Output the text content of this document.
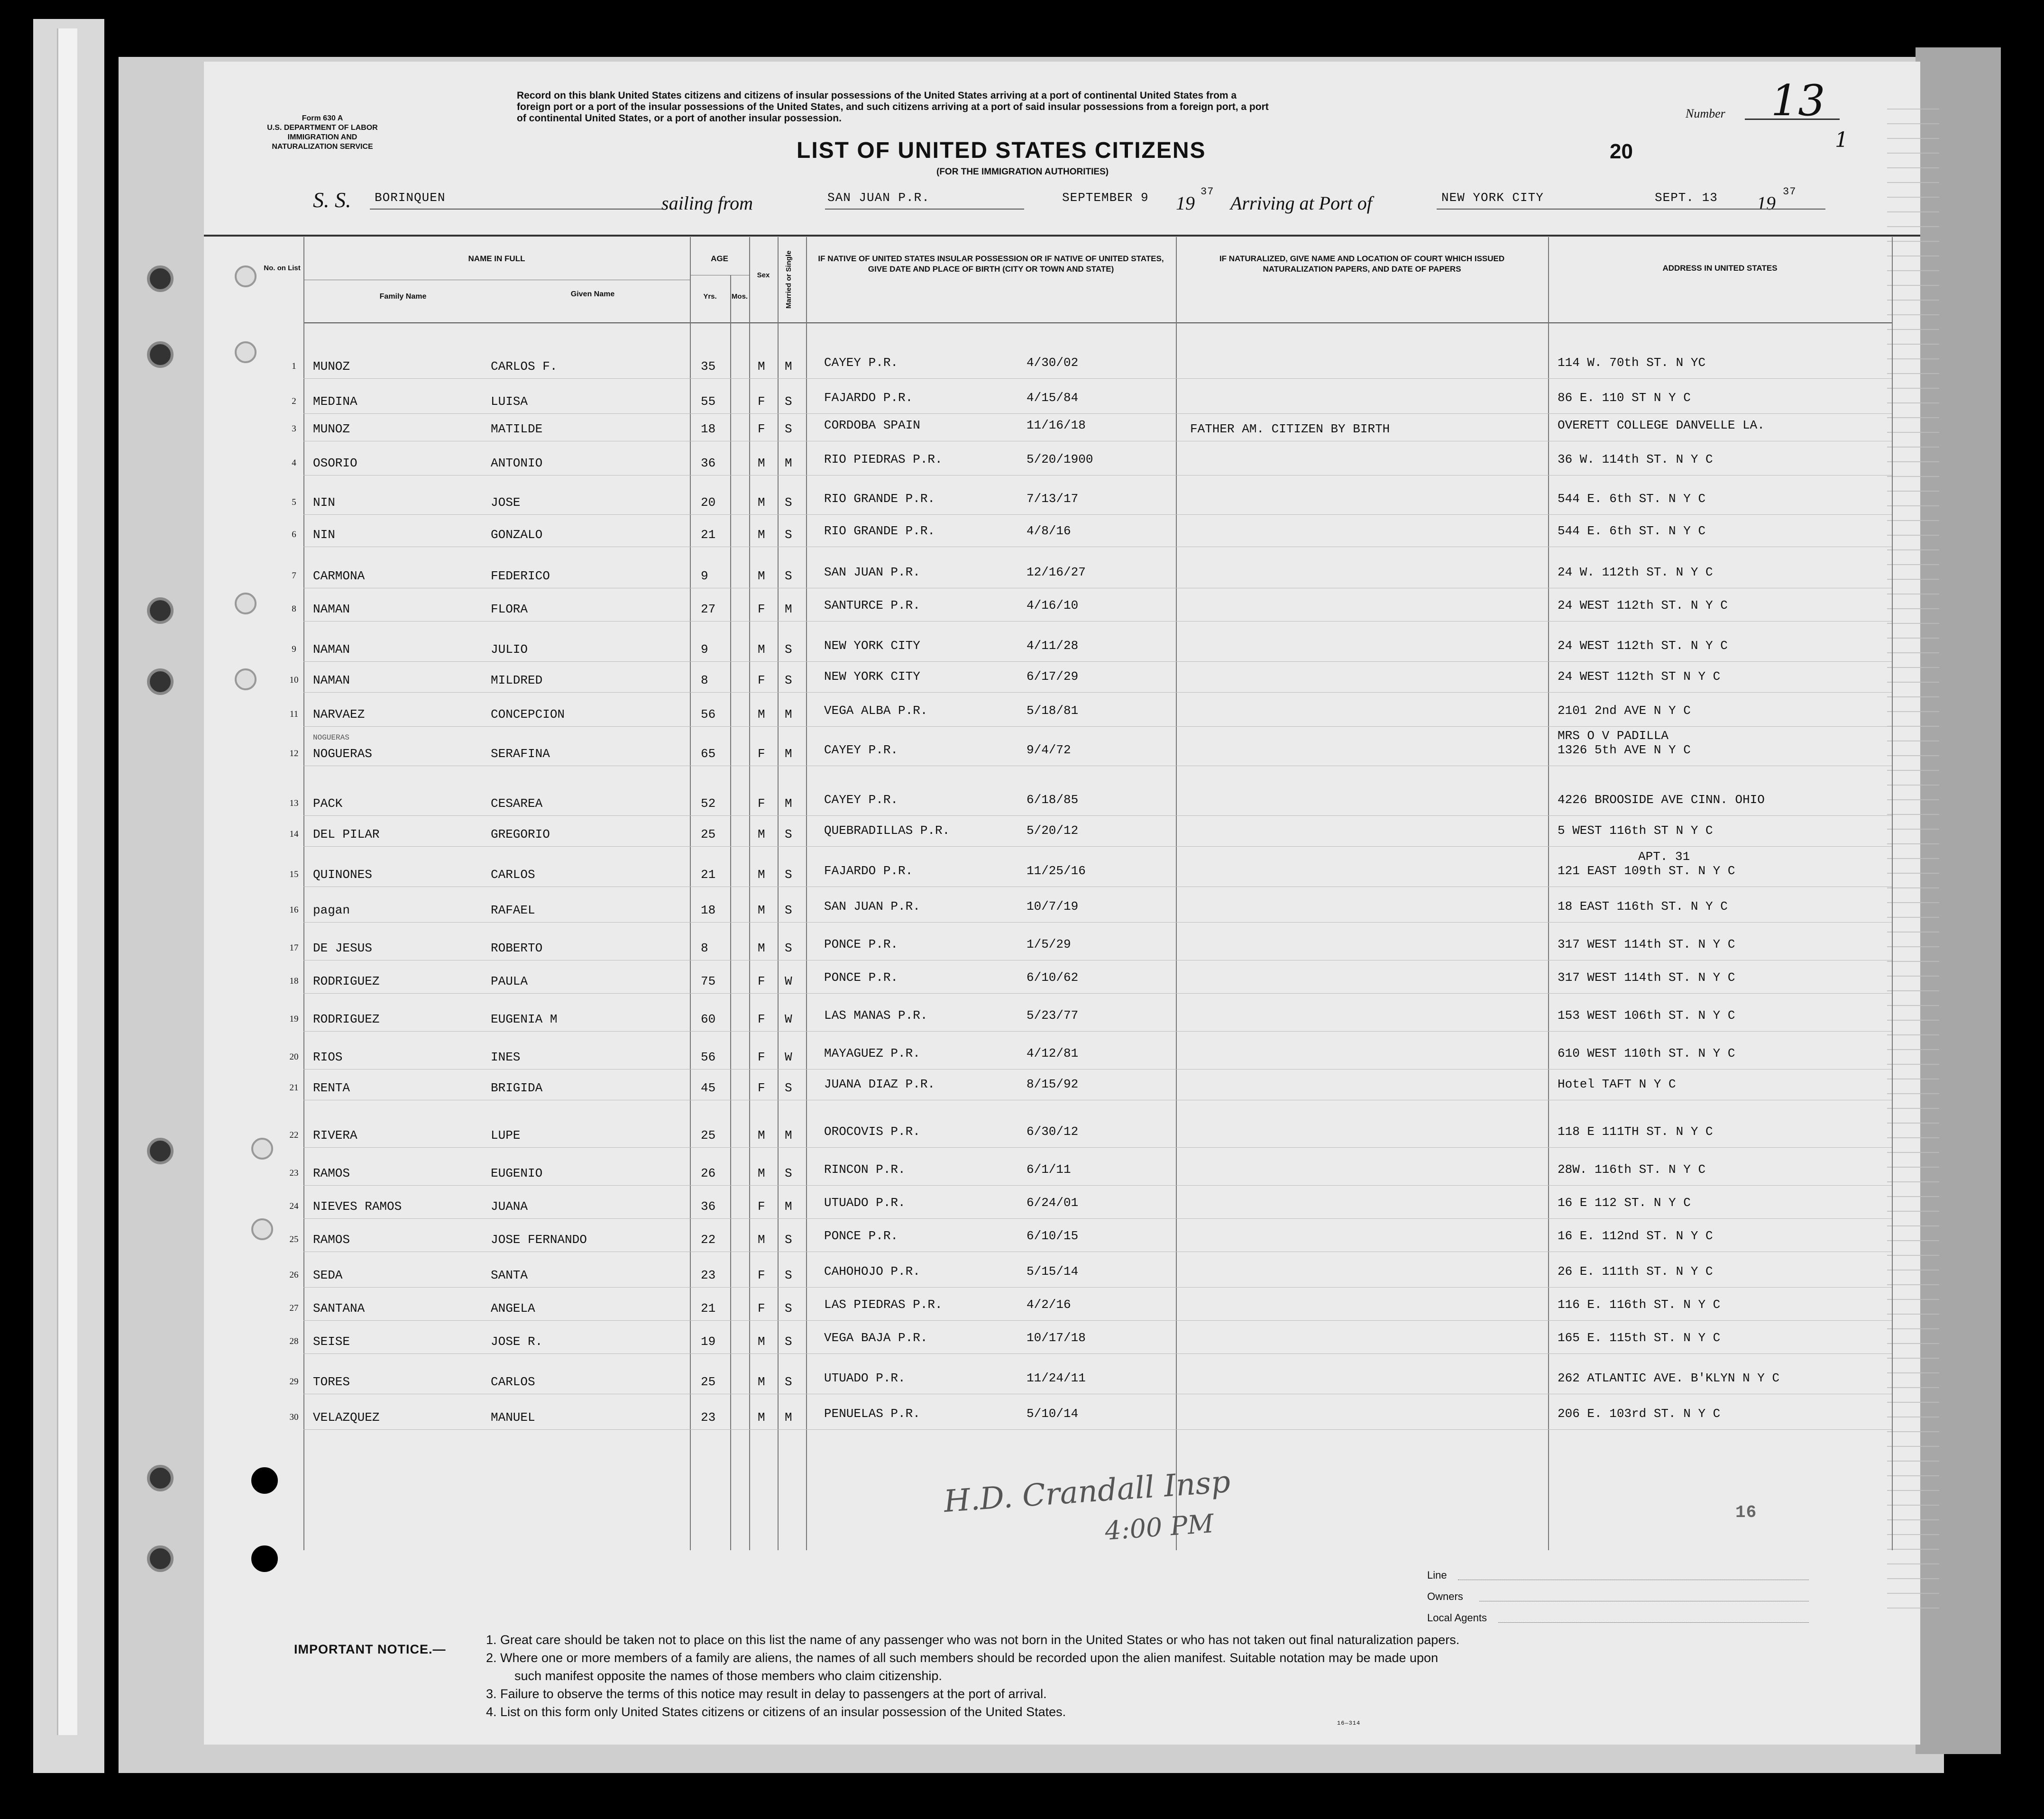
Form 630 A
U.S. DEPARTMENT OF LABOR
IMMIGRATION AND
NATURALIZATION SERVICE
Record on this blank United States citizens and citizens of insular possessions of the United States arriving at a port of continental United States from a
foreign port or a port of the insular possessions of the United States, and such citizens arriving at a port of said insular possessions from a foreign port, a port
of continental United States, or a port of another insular possession.
LIST OF UNITED STATES CITIZENS
(FOR THE IMMIGRATION AUTHORITIES)
Number 13
20	1
S. S. BORINQUEN	sailing from	SAN JUAN P.R.	SEPTEMBER 9 19
37
Arriving at Port of	NEW YORK CITY	SEPT. 13 19
37
No. on List
NAME IN FULL
Family Name	Given Name
AGE
Yrs.	Mos.
Sex	Married or Single	IF NATIVE OF UNITED STATES INSULAR POSSESSION OR IF NATIVE OF UNITED STATES, GIVE DATE AND PLACE OF BIRTH (CITY OR TOWN AND STATE)
IF NATURALIZED, GIVE NAME AND LOCATION OF COURT WHICH ISSUED NATURALIZATION PAPERS, AND DATE OF PAPERS	ADDRESS IN UNITED STATES
1	MUNOZ	CARLOS F.	35	M M	CAYEY P.R.	4/30/02	114 W. 70th ST. N YC
2	MEDINA	LUISA	55	F S	FAJARDO P.R.	4/15/84	86 E. 110 ST N Y C
3	MUNOZ	MATILDE	18	F S	CORDOBA SPAIN	11/16/18	FATHER AM. CITIZEN BY BIRTH	OVERETT COLLEGE DANVELLE LA.
4	OSORIO	ANTONIO	36	M M	RIO PIEDRAS P.R.	5/20/1900	36 W. 114th ST. N Y C
5	NIN	JOSE	20	M S	RIO GRANDE P.R.	7/13/17	544 E. 6th ST. N Y C
6	NIN	GONZALO	21	M S	RIO GRANDE P.R.	4/8/16	544 E. 6th ST. N Y C
7	CARMONA	FEDERICO	9	M S	SAN JUAN P.R.	12/16/27	24 W. 112th ST. N Y C
8	NAMAN	FLORA	27	F M	SANTURCE P.R.	4/16/10	24 WEST 112th ST. N Y C
9	NAMAN	JULIO	9	M S	NEW YORK CITY	4/11/28	24 WEST 112th ST. N Y C
10	NAMAN	MILDRED	8	F S	NEW YORK CITY	6/17/29	24 WEST 112th ST N Y C
11	NARVAEZ	CONCEPCION	56	M M	VEGA ALBA P.R.	5/18/81	2101 2nd AVE N Y C
12	NOGUERAS	SERAFINA	65	F M	CAYEY P.R.	9/4/72	1326 5th AVE N Y C
MRS O V PADILLA
NOGUERAS
13	PACK	CESAREA	52	F M	CAYEY P.R.	6/18/85	4226 BROOSIDE AVE CINN. OHIO
14	DEL PILAR	GREGORIO	25	M S	QUEBRADILLAS P.R.	5/20/12	5 WEST 116th ST N Y C
15	QUINONES	CARLOS	21	M S	FAJARDO P.R.	11/25/16	121 EAST 109th ST. N Y C
APT. 31
16	pagan	RAFAEL	18	M S	SAN JUAN P.R.	10/7/19	18 EAST 116th ST. N Y C
17	DE JESUS	ROBERTO	8	M S	PONCE P.R.	1/5/29	317 WEST 114th ST. N Y C
18	RODRIGUEZ	PAULA	75	F W	PONCE P.R.	6/10/62	317 WEST 114th ST. N Y C
19	RODRIGUEZ	EUGENIA M	60	F W	LAS MANAS P.R.	5/23/77	153 WEST 106th ST. N Y C
20	RIOS	INES	56	F W	MAYAGUEZ P.R.	4/12/81	610 WEST 110th ST. N Y C
21	RENTA	BRIGIDA	45	F S	JUANA DIAZ P.R.	8/15/92	Hotel TAFT N Y C
22	RIVERA	LUPE	25	M M	OROCOVIS P.R.	6/30/12	118 E 111TH ST. N Y C
23	RAMOS	EUGENIO	26	M S	RINCON P.R.	6/1/11	28W. 116th ST. N Y C
24	NIEVES RAMOS	JUANA	36	F M	UTUADO P.R.	6/24/01	16 E 112 ST. N Y C
25	RAMOS	JOSE FERNANDO	22	M S	PONCE P.R.	6/10/15	16 E. 112nd ST. N Y C
26	SEDA	SANTA	23	F S	CAHOHOJO P.R.	5/15/14	26 E. 111th ST. N Y C
27	SANTANA	ANGELA	21	F S	LAS PIEDRAS P.R.	4/2/16	116 E. 116th ST. N Y C
28	SEISE	JOSE R.	19	M S	VEGA BAJA P.R.	10/17/18	165 E. 115th ST. N Y C
29	TORES	CARLOS	25	M S	UTUADO P.R.	11/24/11	262 ATLANTIC AVE. B'KLYN N Y C
30	VELAZQUEZ	MANUEL	23	M M	PENUELAS P.R.	5/10/14	206 E. 103rd ST. N Y C
H.D. Crandall Insp
4:00 PM	16
Line
Owners
Local Agents
IMPORTANT NOTICE.—
1. Great care should be taken not to place on this list the name of any passenger who was not born in the United States or who has not taken out final naturalization papers.
2. Where one or more members of a family are aliens, the names of all such members should be recorded upon the alien manifest. Suitable notation may be made upon
such manifest opposite the names of those members who claim citizenship.
3. Failure to observe the terms of this notice may result in delay to passengers at the port of arrival.
4. List on this form only United States citizens or citizens of an insular possession of the United States.
16—314
